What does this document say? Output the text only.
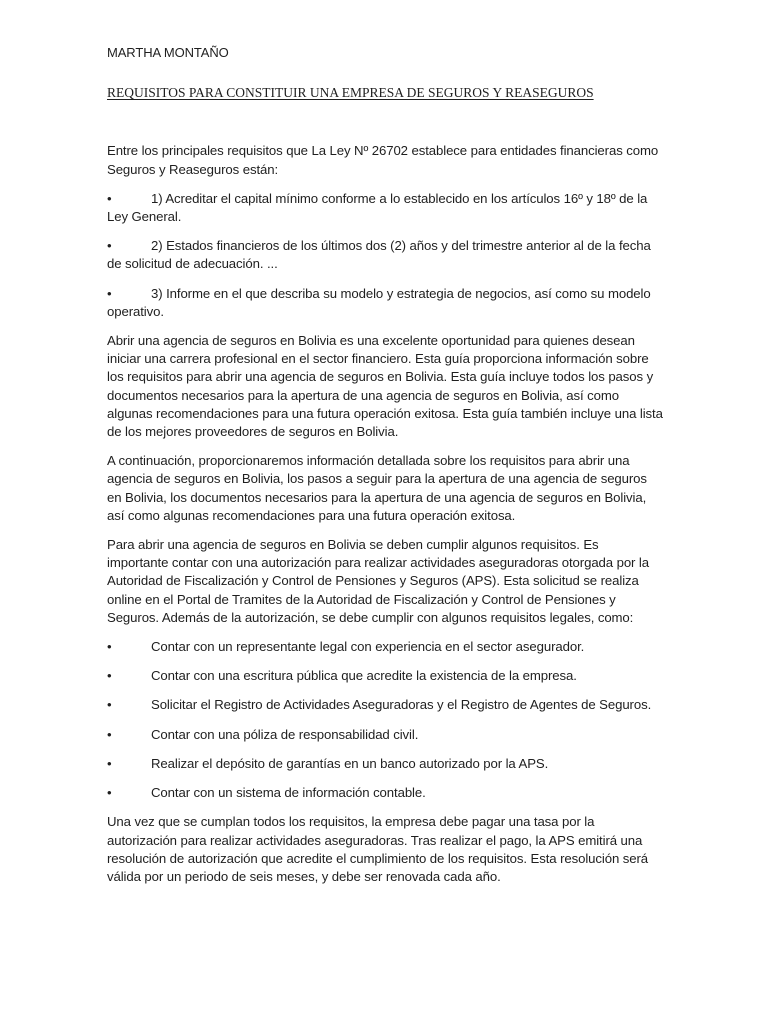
MARTHA MONTAÑO
REQUISITOS PARA CONSTITUIR UNA EMPRESA DE SEGUROS Y REASEGUROS

Entre los principales requisitos que La Ley Nº 26702 establece para entidades financieras como Seguros y Reaseguros están:

•	1) Acreditar el capital mínimo conforme a lo establecido en los artículos 16º y 18º de la Ley General.
•	2) Estados financieros de los últimos dos (2) años y del trimestre anterior al de la fecha de solicitud de adecuación. ...
•	3) Informe en el que describa su modelo y estrategia de negocios, así como su modelo operativo.

Abrir una agencia de seguros en Bolivia es una excelente oportunidad para quienes desean iniciar una carrera profesional en el sector financiero. Esta guía proporciona información sobre los requisitos para abrir una agencia de seguros en Bolivia. Esta guía incluye todos los pasos y documentos necesarios para la apertura de una agencia de seguros en Bolivia, así como algunas recomendaciones para una futura operación exitosa. Esta guía también incluye una lista de los mejores proveedores de seguros en Bolivia.

A continuación, proporcionaremos información detallada sobre los requisitos para abrir una agencia de seguros en Bolivia, los pasos a seguir para la apertura de una agencia de seguros en Bolivia, los documentos necesarios para la apertura de una agencia de seguros en Bolivia, así como algunas recomendaciones para una futura operación exitosa.

Para abrir una agencia de seguros en Bolivia se deben cumplir algunos requisitos. Es importante contar con una autorización para realizar actividades aseguradoras otorgada por la Autoridad de Fiscalización y Control de Pensiones y Seguros (APS). Esta solicitud se realiza online en el Portal de Tramites de la Autoridad de Fiscalización y Control de Pensiones y Seguros. Además de la autorización, se debe cumplir con algunos requisitos legales, como:

•	Contar con un representante legal con experiencia en el sector asegurador.
•	Contar con una escritura pública que acredite la existencia de la empresa.
•	Solicitar el Registro de Actividades Aseguradoras y el Registro de Agentes de Seguros.
•	Contar con una póliza de responsabilidad civil.
•	Realizar el depósito de garantías en un banco autorizado por la APS.
•	Contar con un sistema de información contable.

Una vez que se cumplan todos los requisitos, la empresa debe pagar una tasa por la autorización para realizar actividades aseguradoras. Tras realizar el pago, la APS emitirá una resolución de autorización que acredite el cumplimiento de los requisitos. Esta resolución será válida por un periodo de seis meses, y debe ser renovada cada año.
